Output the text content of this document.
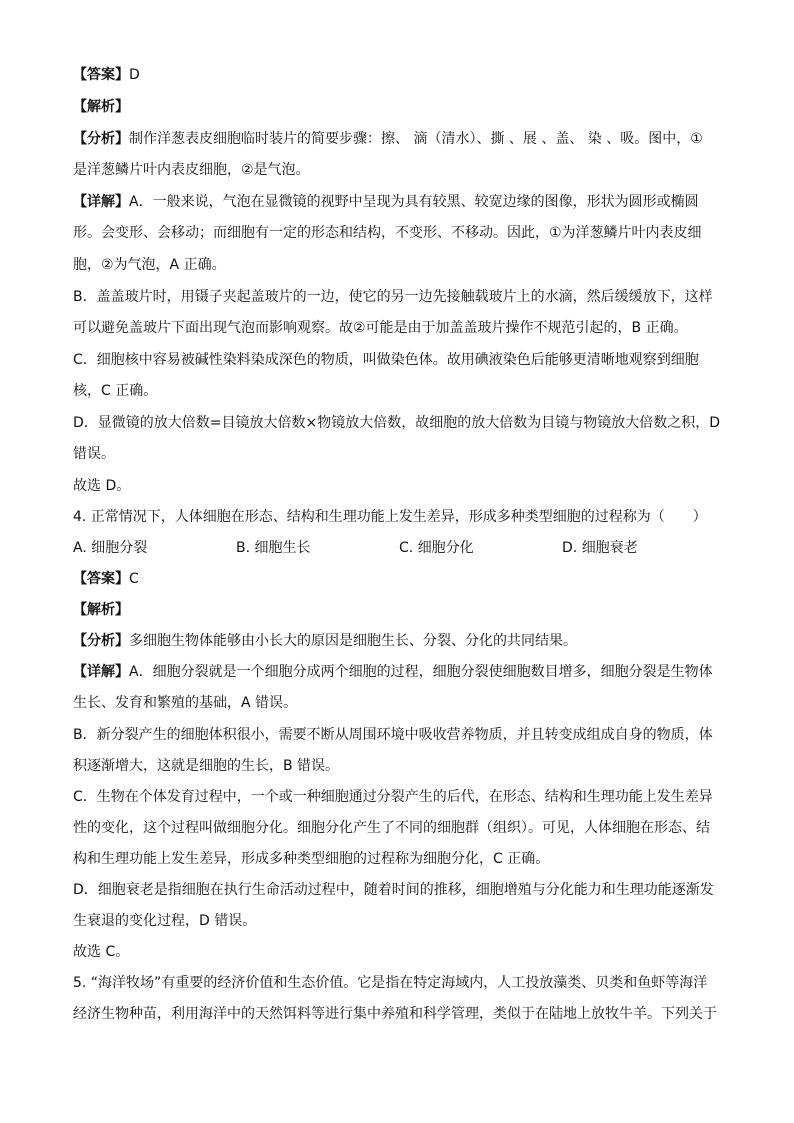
【答案】D
【解析】
【分析】制作洋葱表皮细胞临时装片的简要步骤：擦、 滴（清水）、撕 、展 、盖、 染 、吸。图中，①
是洋葱鳞片叶内表皮细胞，②是气泡。
【详解】A．一般来说，气泡在显微镜的视野中呈现为具有较黑、较宽边缘的图像，形状为圆形或椭圆
形。会变形、会移动；而细胞有一定的形态和结构，不变形、不移动。因此，①为洋葱鳞片叶内表皮细
胞，②为气泡，A 正确。
B．盖盖玻片时，用镊子夹起盖玻片的一边，使它的另一边先接触载玻片上的水滴，然后缓缓放下，这样
可以避免盖玻片下面出现气泡而影响观察。故②可能是由于加盖盖玻片操作不规范引起的，B 正确。
C．细胞核中容易被碱性染料染成深色的物质，叫做染色体。故用碘液染色后能够更清晰地观察到细胞
核，C 正确。
D．显微镜的放大倍数=目镜放大倍数×物镜放大倍数，故细胞的放大倍数为目镜与物镜放大倍数之积，D
错误。
故选 D。
4. 正常情况下，人体细胞在形态、结构和生理功能上发生差异，形成多种类型细胞的过程称为（　　）
A. 细胞分裂	B. 细胞生长	C. 细胞分化	D. 细胞衰老
【答案】C
【解析】
【分析】多细胞生物体能够由小长大的原因是细胞生长、分裂、分化的共同结果。
【详解】A．细胞分裂就是一个细胞分成两个细胞的过程，细胞分裂使细胞数目增多，细胞分裂是生物体
生长、发育和繁殖的基础，A 错误。
B．新分裂产生的细胞体积很小，需要不断从周围环境中吸收营养物质，并且转变成组成自身的物质，体
积逐渐增大，这就是细胞的生长，B 错误。
C．生物在个体发育过程中，一个或一种细胞通过分裂产生的后代，在形态、结构和生理功能上发生差异
性的变化，这个过程叫做细胞分化。细胞分化产生了不同的细胞群（组织）。可见，人体细胞在形态、结
构和生理功能上发生差异，形成多种类型细胞的过程称为细胞分化，C 正确。
D．细胞衰老是指细胞在执行生命活动过程中，随着时间的推移，细胞增殖与分化能力和生理功能逐渐发
生衰退的变化过程，D 错误。
故选 C。
5. “海洋牧场”有重要的经济价值和生态价值。它是指在特定海域内，人工投放藻类、贝类和鱼虾等海洋
经济生物种苗，利用海洋中的天然饵料等进行集中养殖和科学管理，类似于在陆地上放牧牛羊。下列关于
